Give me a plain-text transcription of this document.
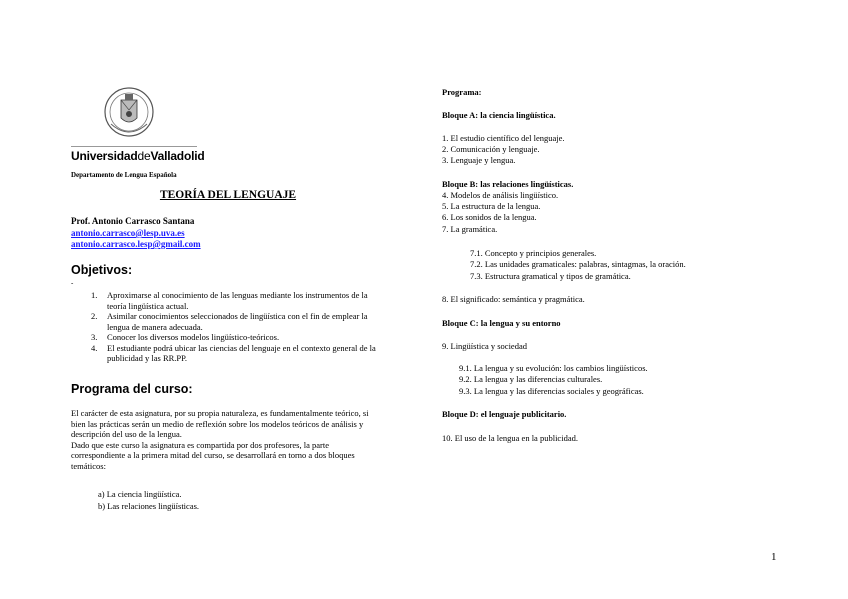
UniversidaddeValladolid
Departamento de Lengua Española
TEORÍA DEL LENGUAJE
Prof. Antonio Carrasco Santana
antonio.carrasco@lesp.uva.es
antonio.carrasco.lesp@gmail.com
Objetivos:
-
1. Aproximarse al conocimiento de las lenguas mediante los instrumentos de la teoría lingüística actual.
2. Asimilar conocimientos seleccionados de lingüística con el fin de emplear la lengua de manera adecuada.
3. Conocer los diversos modelos lingüístico-teóricos.
4. El estudiante podrá ubicar las ciencias del lenguaje en el contexto general de la publicidad y las RR.PP.
Programa del curso:
El carácter de esta asignatura, por su propia naturaleza, es fundamentalmente teórico, si bien las prácticas serán un medio de reflexión sobre los modelos teóricos de análisis y descripción del uso de la lengua.
Dado que este curso la asignatura es compartida por dos profesores, la parte correspondiente a la primera mitad del curso, se desarrollará en torno a dos bloques temáticos:
a) La ciencia lingüística.
b) Las relaciones lingüísticas.
Programa:
Bloque A: la ciencia lingüística.
1. El estudio científico del lenguaje.
2. Comunicación y lenguaje.
3. Lenguaje y lengua.
Bloque B: las relaciones lingüísticas.
4. Modelos de análisis lingüístico.
5. La estructura de la lengua.
6. Los sonidos de la lengua.
7. La gramática.
7.1. Concepto y principios generales.
7.2. Las unidades gramaticales: palabras, sintagmas, la oración.
7.3. Estructura gramatical y tipos de gramática.
8. El significado: semántica y pragmática.
Bloque C: la lengua y su entorno
9. Lingüística y sociedad
9.1. La lengua y su evolución: los cambios lingüísticos.
9.2. La lengua y las diferencias culturales.
9.3. La lengua y las diferencias sociales y geográficas.
Bloque D: el lenguaje publicitario.
10. El uso de la lengua en la publicidad.
1
